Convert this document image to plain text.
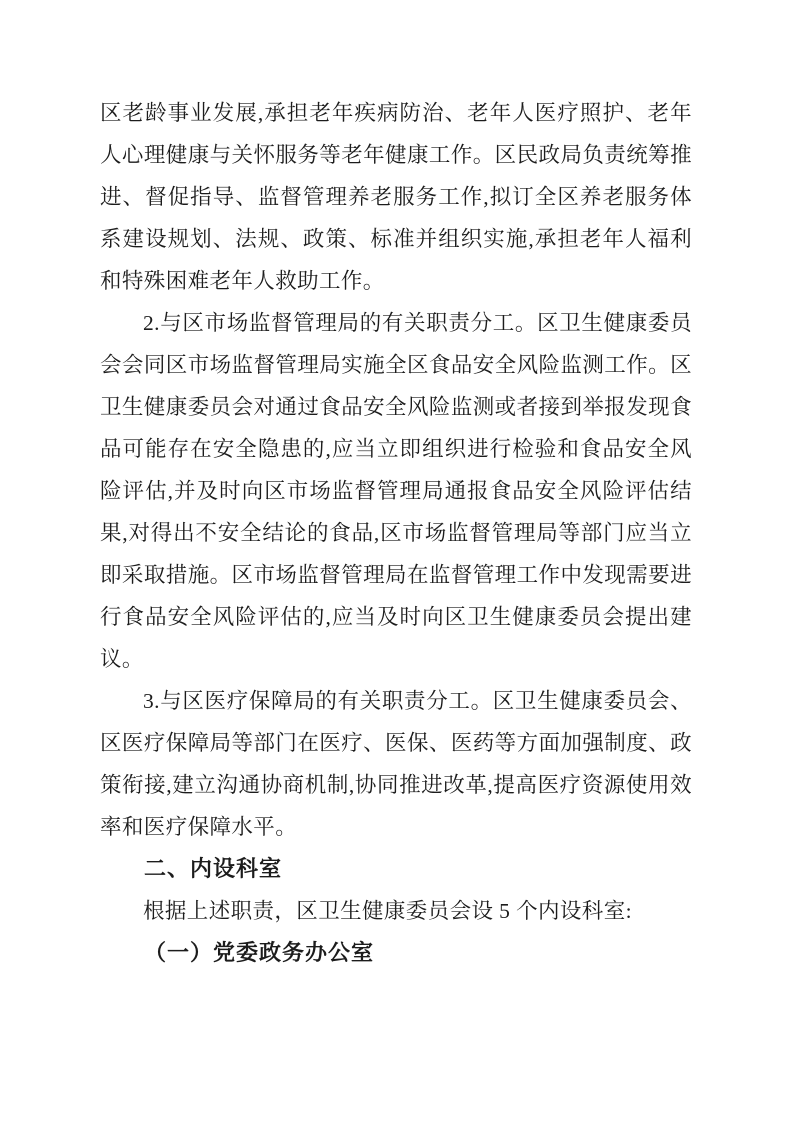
区老龄事业发展,承担老年疾病防治、老年人医疗照护、老年人心理健康与关怀服务等老年健康工作。区民政局负责统筹推进、督促指导、监督管理养老服务工作,拟订全区养老服务体系建设规划、法规、政策、标准并组织实施,承担老年人福利和特殊困难老年人救助工作。

2.与区市场监督管理局的有关职责分工。区卫生健康委员会会同区市场监督管理局实施全区食品安全风险监测工作。区卫生健康委员会对通过食品安全风险监测或者接到举报发现食品可能存在安全隐患的,应当立即组织进行检验和食品安全风险评估,并及时向区市场监督管理局通报食品安全风险评估结果,对得出不安全结论的食品,区市场监督管理局等部门应当立即采取措施。区市场监督管理局在监督管理工作中发现需要进行食品安全风险评估的,应当及时向区卫生健康委员会提出建议。

3.与区医疗保障局的有关职责分工。区卫生健康委员会、区医疗保障局等部门在医疗、医保、医药等方面加强制度、政策衔接,建立沟通协商机制,协同推进改革,提高医疗资源使用效率和医疗保障水平。

二、内设科室

根据上述职责，区卫生健康委员会设 5 个内设科室:

（一）党委政务办公室
